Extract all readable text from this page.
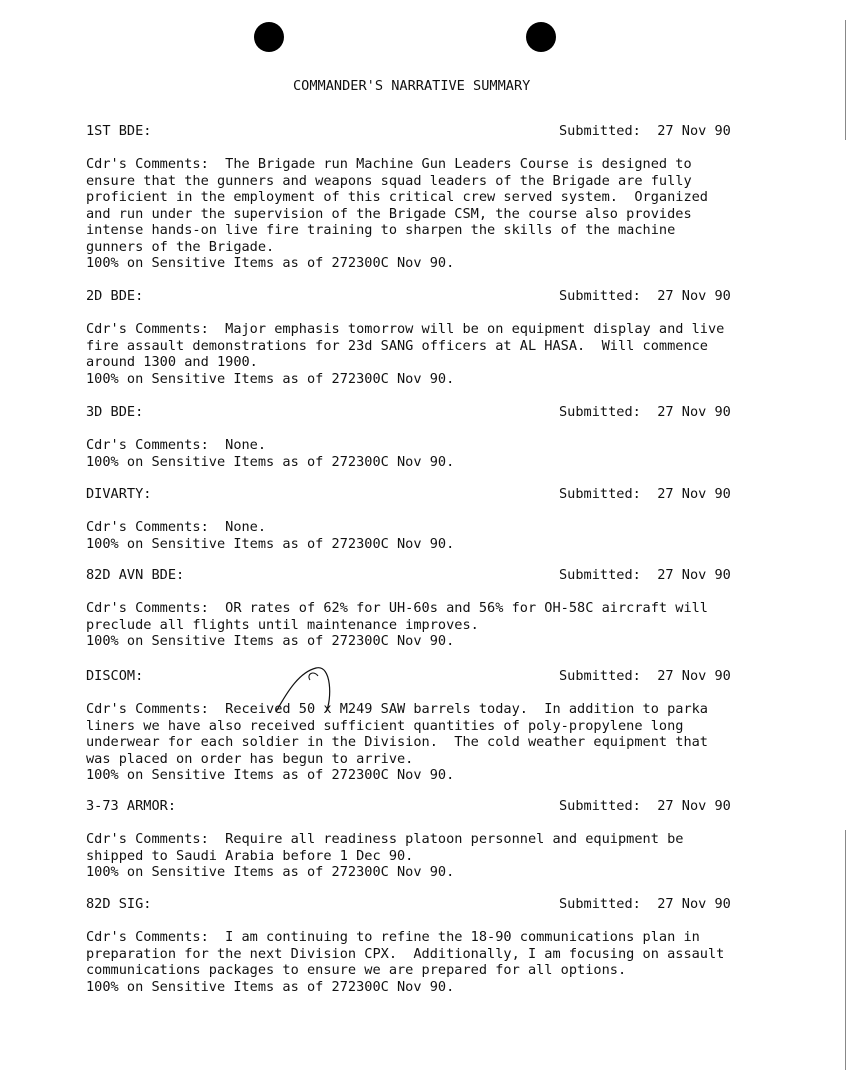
COMMANDER'S NARRATIVE SUMMARY
1ST BDE:	Submitted:  27 Nov 90
Cdr's Comments:  The Brigade run Machine Gun Leaders Course is designed to
ensure that the gunners and weapons squad leaders of the Brigade are fully
proficient in the employment of this critical crew served system.  Organized
and run under the supervision of the Brigade CSM, the course also provides
intense hands-on live fire training to sharpen the skills of the machine
gunners of the Brigade.
100% on Sensitive Items as of 272300C Nov 90.
2D BDE:	Submitted:  27 Nov 90
Cdr's Comments:  Major emphasis tomorrow will be on equipment display and live
fire assault demonstrations for 23d SANG officers at AL HASA.  Will commence
around 1300 and 1900.
100% on Sensitive Items as of 272300C Nov 90.
3D BDE:	Submitted:  27 Nov 90
Cdr's Comments:  None.
100% on Sensitive Items as of 272300C Nov 90.
DIVARTY:	Submitted:  27 Nov 90
Cdr's Comments:  None.
100% on Sensitive Items as of 272300C Nov 90.
82D AVN BDE:	Submitted:  27 Nov 90
Cdr's Comments:  OR rates of 62% for UH-60s and 56% for OH-58C aircraft will
preclude all flights until maintenance improves.
100% on Sensitive Items as of 272300C Nov 90.
DISCOM:	Submitted:  27 Nov 90
Cdr's Comments:  Received 50 x M249 SAW barrels today.  In addition to parka
liners we have also received sufficient quantities of poly-propylene long
underwear for each soldier in the Division.  The cold weather equipment that
was placed on order has begun to arrive.
100% on Sensitive Items as of 272300C Nov 90.
3-73 ARMOR:	Submitted:  27 Nov 90
Cdr's Comments:  Require all readiness platoon personnel and equipment be
shipped to Saudi Arabia before 1 Dec 90.
100% on Sensitive Items as of 272300C Nov 90.
82D SIG:	Submitted:  27 Nov 90
Cdr's Comments:  I am continuing to refine the 18-90 communications plan in
preparation for the next Division CPX.  Additionally, I am focusing on assault
communications packages to ensure we are prepared for all options.
100% on Sensitive Items as of 272300C Nov 90.
